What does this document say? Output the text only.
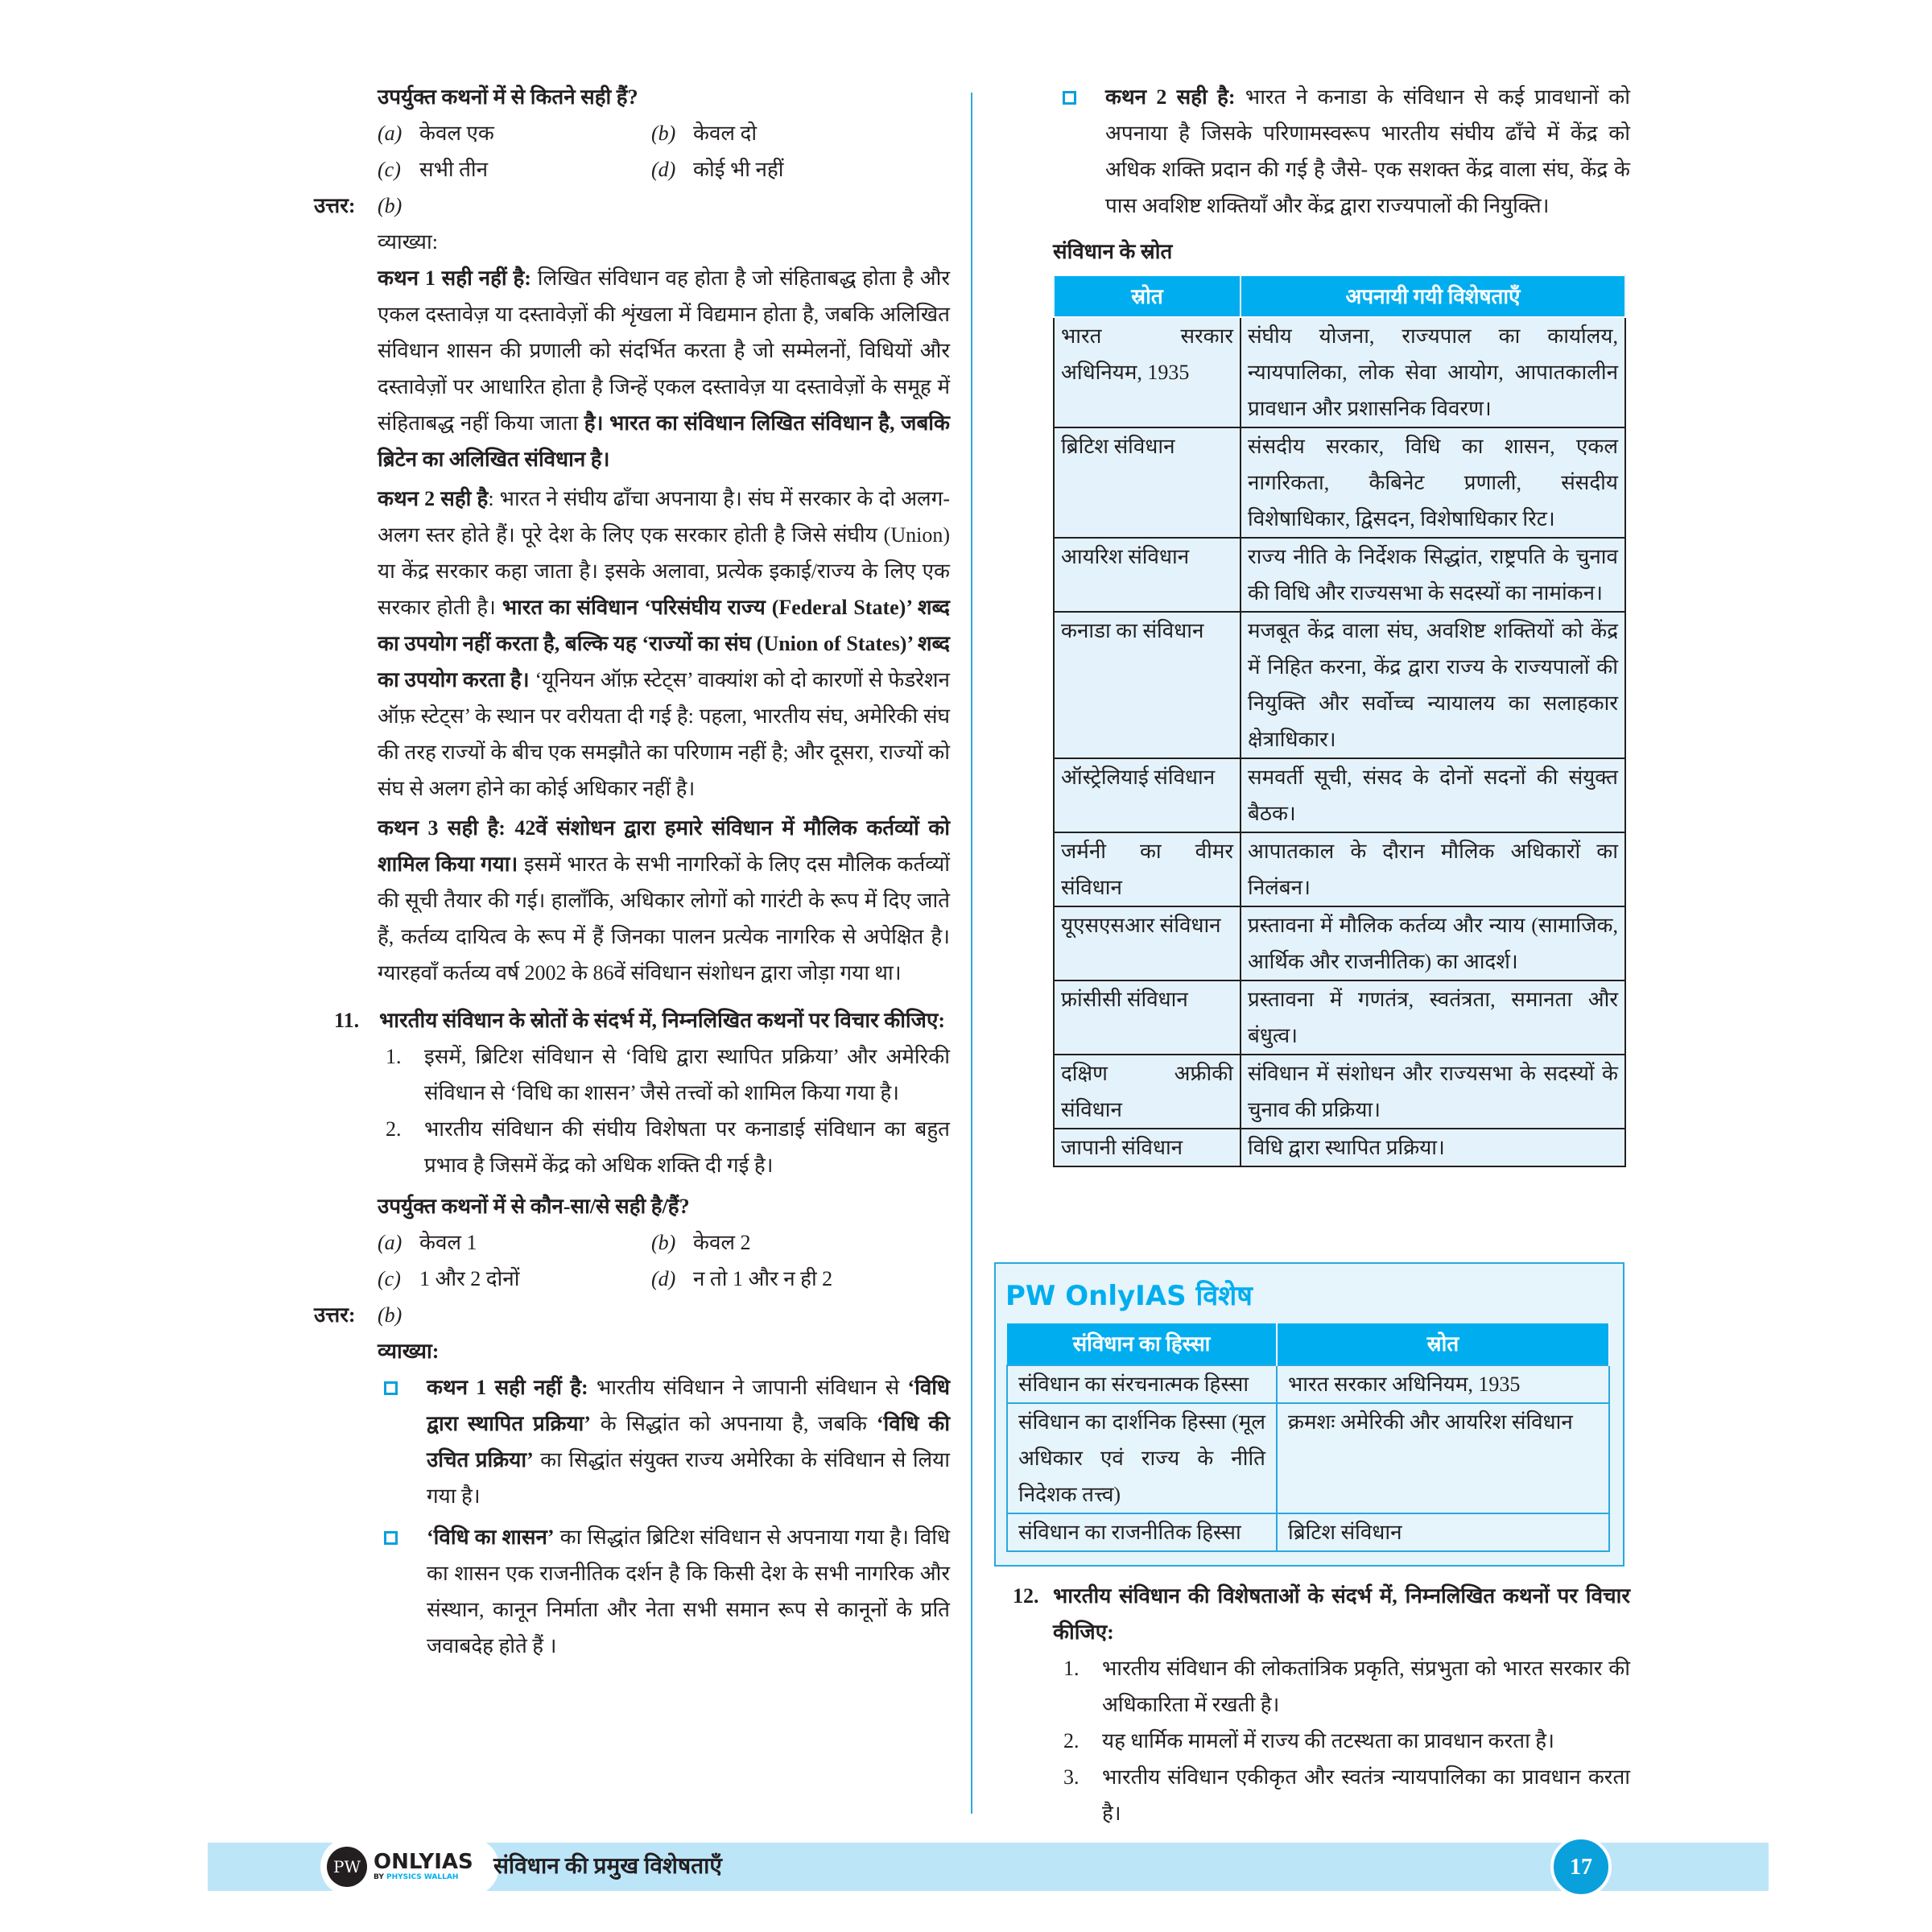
उपर्युक्त कथनों में से कितने सही हैं?
(a) केवल एक	(b) केवल दो
(c) सभी तीन	(d) कोई भी नहीं
उत्तर:	(b)
व्याख्या:

कथन 1 सही नहीं है: लिखित संविधान वह होता है जो संहिताबद्ध होता है और एकल दस्तावेज़ या दस्तावेज़ों की शृंखला में विद्यमान होता है, जबकि अलिखित संविधान शासन की प्रणाली को संदर्भित करता है जो सम्मेलनों, विधियों और दस्तावेज़ों पर आधारित होता है जिन्हें एकल दस्तावेज़ या दस्तावेज़ों के समूह में संहिताबद्ध नहीं किया जाता है। भारत का संविधान लिखित संविधान है, जबकि ब्रिटेन का अलिखित संविधान है।

कथन 2 सही है: भारत ने संघीय ढाँचा अपनाया है। संघ में सरकार के दो अलग-अलग स्तर होते हैं। पूरे देश के लिए एक सरकार होती है जिसे संघीय (Union) या केंद्र सरकार कहा जाता है। इसके अलावा, प्रत्येक इकाई/राज्य के लिए एक सरकार होती है। भारत का संविधान ‘परिसंघीय राज्य (Federal State)’ शब्द का उपयोग नहीं करता है, बल्कि यह ‘राज्यों का संघ (Union of States)’ शब्द का उपयोग करता है। ‘यूनियन ऑफ़ स्टेट्स’ वाक्यांश को दो कारणों से फेडरेशन ऑफ़ स्टेट्स’ के स्थान पर वरीयता दी गई है: पहला, भारतीय संघ, अमेरिकी संघ की तरह राज्यों के बीच एक समझौते का परिणाम नहीं है; और दूसरा, राज्यों को संघ से अलग होने का कोई अधिकार नहीं है।

कथन 3 सही है: 42वें संशोधन द्वारा हमारे संविधान में मौलिक कर्तव्यों को शामिल किया गया। इसमें भारत के सभी नागरिकों के लिए दस मौलिक कर्तव्यों की सूची तैयार की गई। हालाँकि, अधिकार लोगों को गारंटी के रूप में दिए जाते हैं, कर्तव्य दायित्व के रूप में हैं जिनका पालन प्रत्येक नागरिक से अपेक्षित है। ग्यारहवाँ कर्तव्य वर्ष 2002 के 86वें संविधान संशोधन द्वारा जोड़ा गया था।

11. भारतीय संविधान के स्रोतों के संदर्भ में, निम्नलिखित कथनों पर विचार कीजिए:
1.	इसमें, ब्रिटिश संविधान से ‘विधि द्वारा स्थापित प्रक्रिया’ और अमेरिकी संविधान से ‘विधि का शासन’ जैसे तत्त्वों को शामिल किया गया है।
2.	भारतीय संविधान की संघीय विशेषता पर कनाडाई संविधान का बहुत प्रभाव है जिसमें केंद्र को अधिक शक्ति दी गई है।
उपर्युक्त कथनों में से कौन-सा/से सही है/हैं?
(a) केवल 1	(b) केवल 2
(c) 1 और 2 दोनों	(d) न तो 1 और न ही 2
उत्तर:	(b)
व्याख्या:
कथन 1 सही नहीं है: भारतीय संविधान ने जापानी संविधान से ‘विधि द्वारा स्थापित प्रक्रिया’ के सिद्धांत को अपनाया है, जबकि ‘विधि की उचित प्रक्रिया’ का सिद्धांत संयुक्त राज्य अमेरिका के संविधान से लिया गया है।
‘विधि का शासन’ का सिद्धांत ब्रिटिश संविधान से अपनाया गया है। विधि का शासन एक राजनीतिक दर्शन है कि किसी देश के सभी नागरिक और संस्थान, कानून निर्माता और नेता सभी समान रूप से कानूनों के प्रति जवाबदेह होते हैं ।
कथन 2 सही है: भारत ने कनाडा के संविधान से कई प्रावधानों को अपनाया है जिसके परिणामस्वरूप भारतीय संघीय ढाँचे में केंद्र को अधिक शक्ति प्रदान की गई है जैसे- एक सशक्त केंद्र वाला संघ, केंद्र के पास अवशिष्ट शक्तियाँ और केंद्र द्वारा राज्यपालों की नियुक्ति।
संविधान के स्रोत
स्रोत	अपनायी गयी विशेषताएँ
भारत सरकार अधिनियम, 1935	संघीय योजना, राज्यपाल का कार्यालय, न्यायपालिका, लोक सेवा आयोग, आपातकालीन प्रावधान और प्रशासनिक विवरण।
ब्रिटिश संविधान	संसदीय सरकार, विधि का शासन, एकल नागरिकता, कैबिनेट प्रणाली, संसदीय विशेषाधिकार, द्विसदन, विशेषाधिकार रिट।
आयरिश संविधान	राज्य नीति के निर्देशक सिद्धांत, राष्ट्रपति के चुनाव की विधि और राज्यसभा के सदस्यों का नामांकन।
कनाडा का संविधान	मजबूत केंद्र वाला संघ, अवशिष्ट शक्तियों को केंद्र में निहित करना, केंद्र द्वारा राज्य के राज्यपालों की नियुक्ति और सर्वोच्च न्यायालय का सलाहकार क्षेत्राधिकार।
ऑस्ट्रेलियाई संविधान	समवर्ती सूची, संसद के दोनों सदनों की संयुक्त बैठक।
जर्मनी का वीमर संविधान	आपातकाल के दौरान मौलिक अधिकारों का निलंबन।
यूएसएसआर संविधान	प्रस्तावना में मौलिक कर्तव्य और न्याय (सामाजिक, आर्थिक और राजनीतिक) का आदर्श।
फ्रांसीसी संविधान	प्रस्तावना में गणतंत्र, स्वतंत्रता, समानता और बंधुत्व।
दक्षिण अफ्रीकी संविधान	संविधान में संशोधन और राज्यसभा के सदस्यों के चुनाव की प्रक्रिया।
जापानी संविधान	विधि द्वारा स्थापित प्रक्रिया।
PW OnlyIAS विशेष
संविधान का हिस्सा	स्रोत
संविधान का संरचनात्मक हिस्सा	भारत सरकार अधिनियम, 1935
संविधान का दार्शनिक हिस्सा (मूल अधिकार एवं राज्य के नीति निदेशक तत्त्व)	क्रमशः अमेरिकी और आयरिश संविधान
संविधान का राजनीतिक हिस्सा	ब्रिटिश संविधान
12. भारतीय संविधान की विशेषताओं के संदर्भ में, निम्नलिखित कथनों पर विचार कीजिए:
1.	भारतीय संविधान की लोकतांत्रिक प्रकृति, संप्रभुता को भारत सरकार की अधिकारिता में रखती है।
2.	यह धार्मिक मामलों में राज्य की तटस्थता का प्रावधान करता है।
3.	भारतीय संविधान एकीकृत और स्वतंत्र न्यायपालिका का प्रावधान करता है।
PW ONLYIAS
BY PHYSICS WALLAH	संविधान की प्रमुख विशेषताएँ	17
